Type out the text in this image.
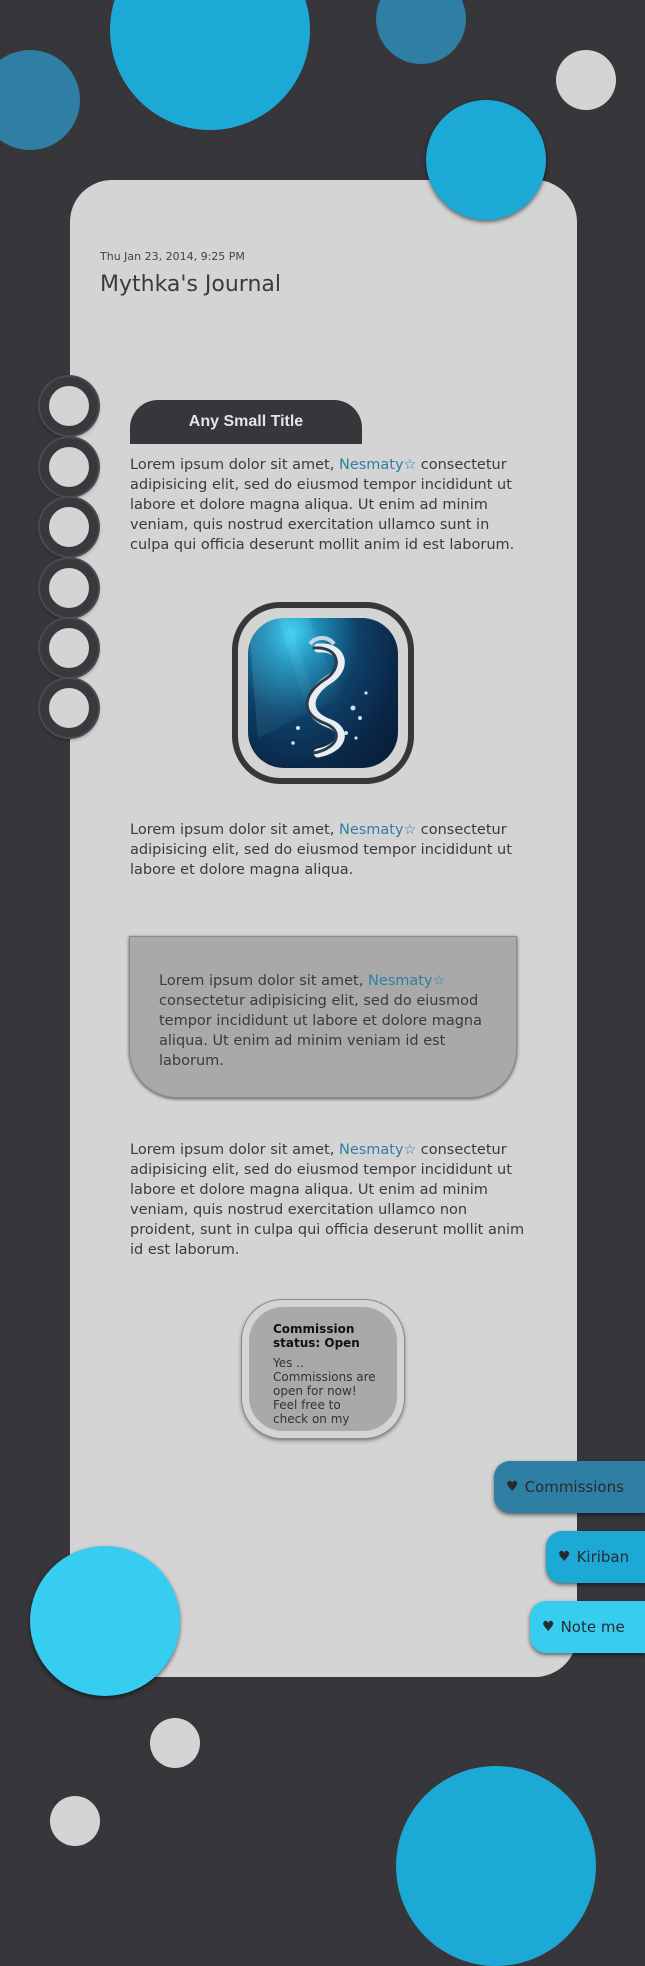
Thu Jan 23, 2014, 9:25 PM
Mythka's Journal
Any Small Title
Lorem ipsum dolor sit amet, Nesmaty☆ consectetur adipisicing elit, sed do eiusmod tempor incididunt ut labore et dolore magna aliqua. Ut enim ad minim veniam, quis nostrud exercitation ullamco sunt in culpa qui officia deserunt mollit anim id est laborum.
Lorem ipsum dolor sit amet, Nesmaty☆ consectetur adipisicing elit, sed do eiusmod tempor incididunt ut labore et dolore magna aliqua.
Lorem ipsum dolor sit amet, Nesmaty☆ consectetur adipisicing elit, sed do eiusmod tempor incididunt ut labore et dolore magna aliqua. Ut enim ad minim veniam id est laborum.
Lorem ipsum dolor sit amet, Nesmaty☆ consectetur adipisicing elit, sed do eiusmod tempor incididunt ut labore et dolore magna aliqua. Ut enim ad minim veniam, quis nostrud exercitation ullamco non proident, sunt in culpa qui officia deserunt mollit anim id est laborum.
Commission status: Open
Yes .. Commissions are open for now! Feel free to check on my
♥ Commissions
♥ Kiriban
♥ Note me
